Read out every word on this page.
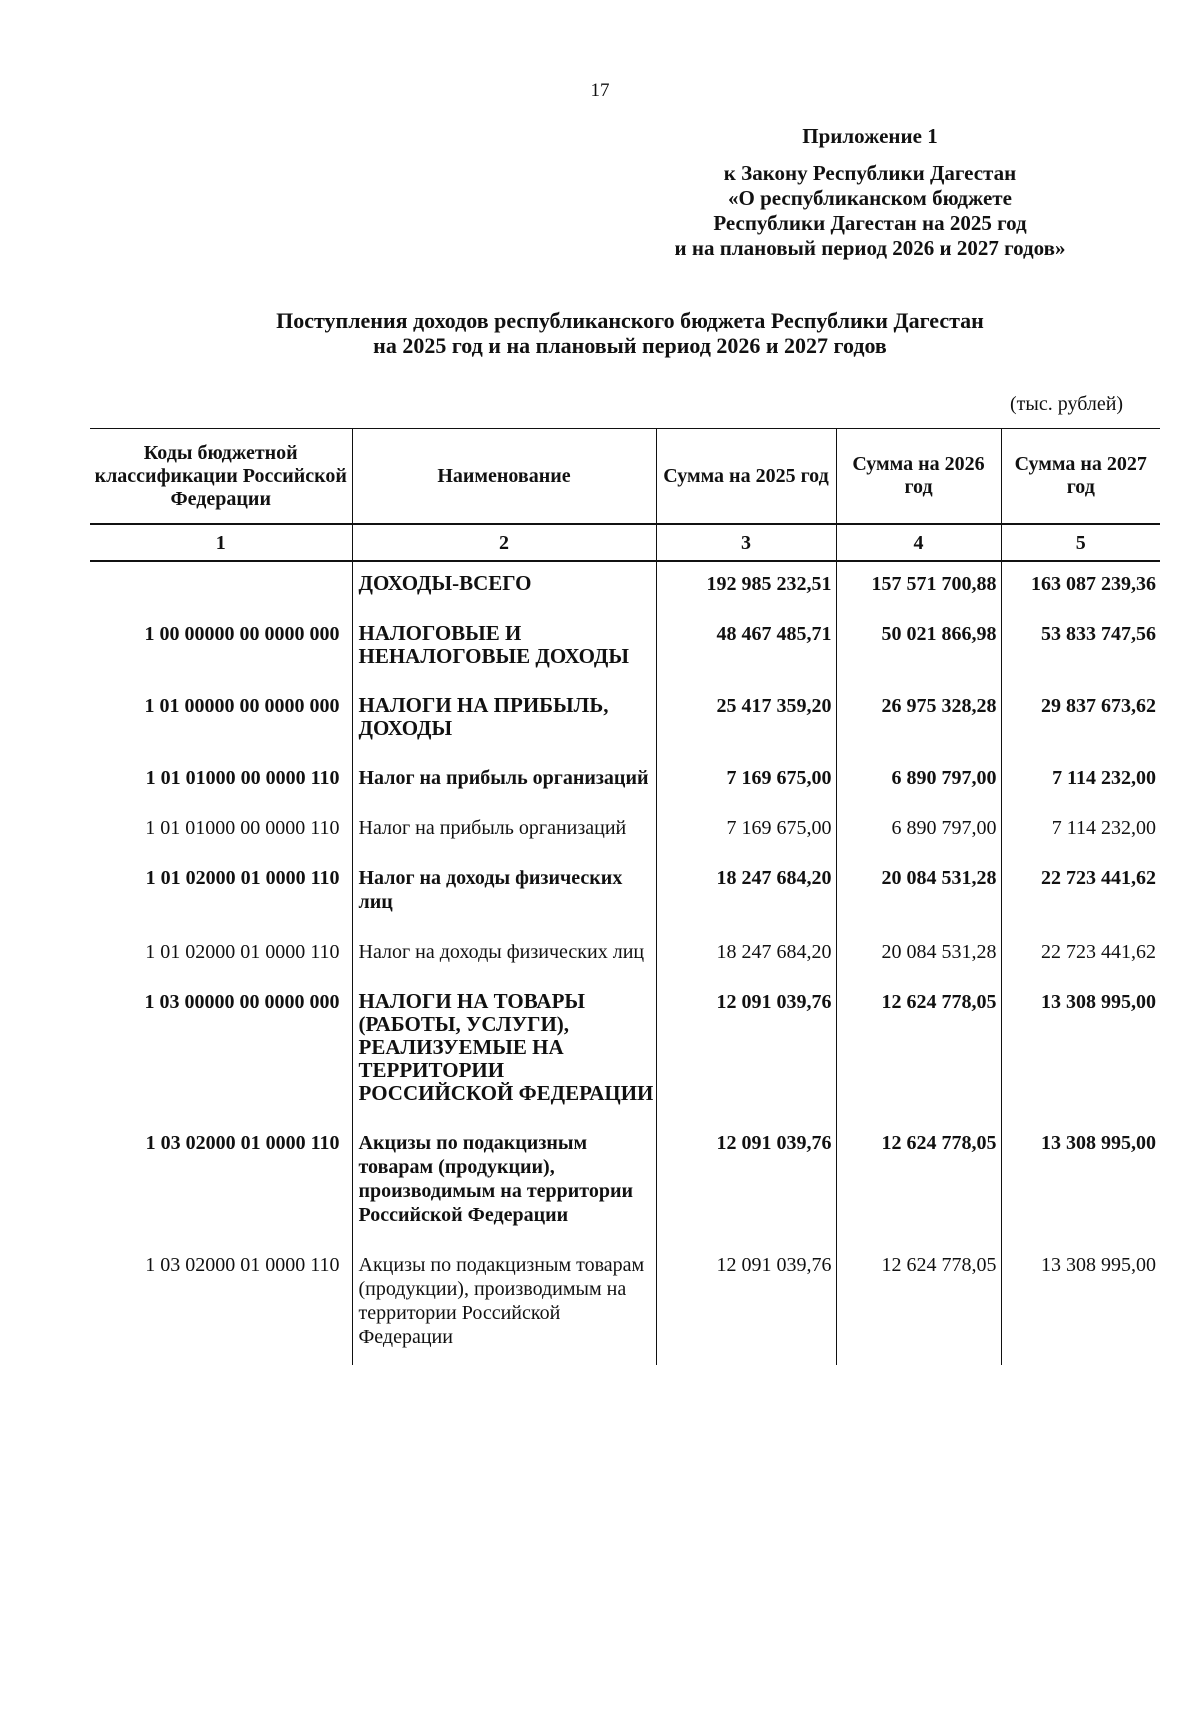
17
Приложение 1
к Закону Республики Дагестан
«О республиканском бюджете
Республики Дагестан на 2025 год
и на плановый период 2026 и 2027 годов»
Поступления доходов республиканского бюджета Республики Дагестан
на 2025 год и на плановый период 2026 и 2027 годов
(тыс. рублей)
Коды бюджетной классификации Российской Федерации	Наименование	Сумма на 2025 год	Сумма на 2026 год	Сумма на 2027 год
1	2	3	4	5
	ДОХОДЫ-ВСЕГО	192 985 232,51	157 571 700,88	163 087 239,36
1 00 00000 00 0000 000	НАЛОГОВЫЕ И НЕНАЛОГОВЫЕ ДОХОДЫ	48 467 485,71	50 021 866,98	53 833 747,56
1 01 00000 00 0000 000	НАЛОГИ НА ПРИБЫЛЬ, ДОХОДЫ	25 417 359,20	26 975 328,28	29 837 673,62
1 01 01000 00 0000 110	Налог на прибыль организаций	7 169 675,00	6 890 797,00	7 114 232,00
1 01 01000 00 0000 110	Налог на прибыль организаций	7 169 675,00	6 890 797,00	7 114 232,00
1 01 02000 01 0000 110	Налог на доходы физических лиц	18 247 684,20	20 084 531,28	22 723 441,62
1 01 02000 01 0000 110	Налог на доходы физических лиц	18 247 684,20	20 084 531,28	22 723 441,62
1 03 00000 00 0000 000	НАЛОГИ НА ТОВАРЫ (РАБОТЫ, УСЛУГИ), РЕАЛИЗУЕМЫЕ НА ТЕРРИТОРИИ РОССИЙСКОЙ ФЕДЕРАЦИИ	12 091 039,76	12 624 778,05	13 308 995,00
1 03 02000 01 0000 110	Акцизы по подакцизным товарам (продукции), производимым на территории Российской Федерации	12 091 039,76	12 624 778,05	13 308 995,00
1 03 02000 01 0000 110	Акцизы по подакцизным товарам (продукции), производимым на территории Российской Федерации	12 091 039,76	12 624 778,05	13 308 995,00
